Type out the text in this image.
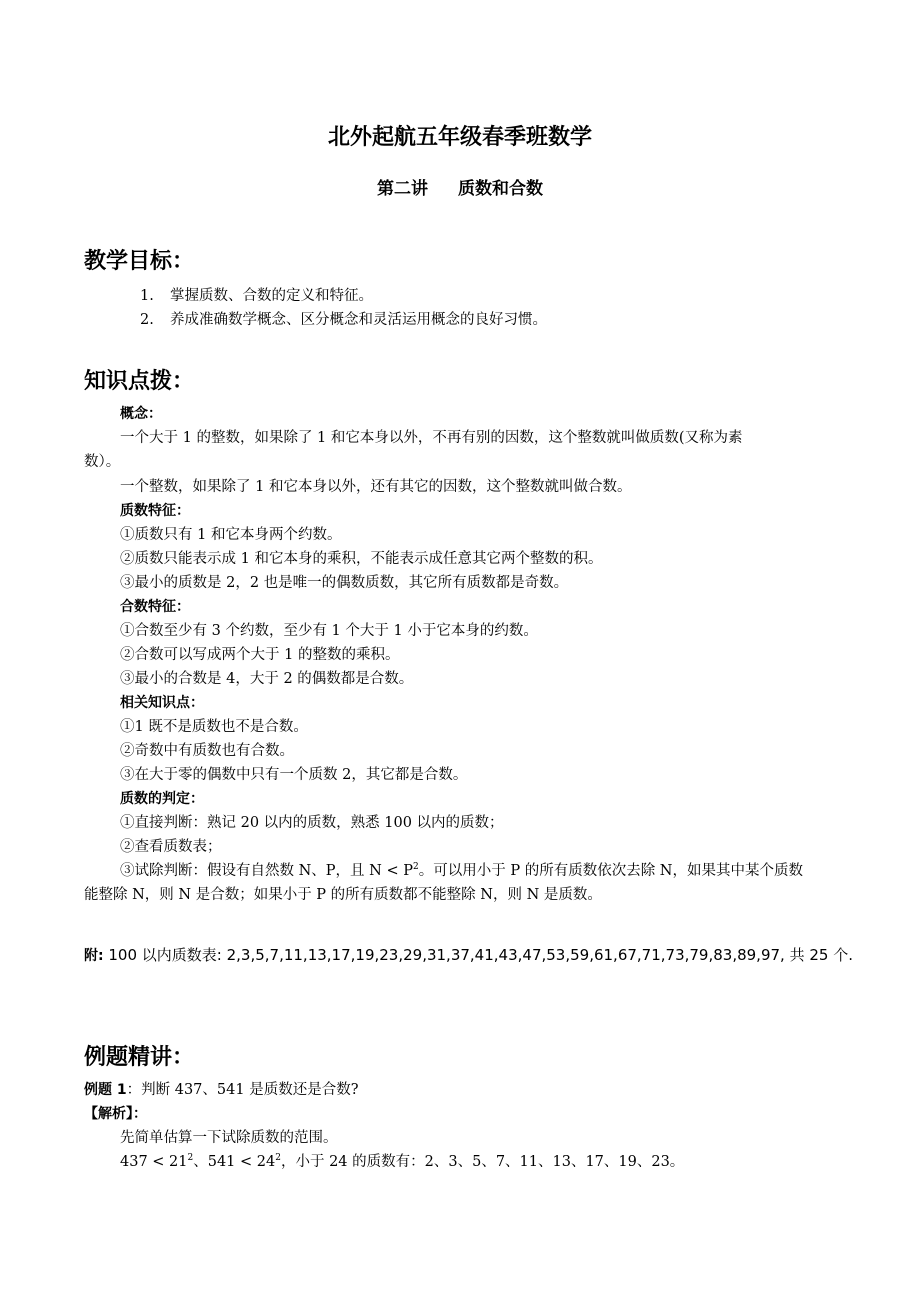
北外起航五年级春季班数学
第二讲 质数和合数
教学目标：
1. 掌握质数、合数的定义和特征。
2. 养成准确数学概念、区分概念和灵活运用概念的良好习惯。
知识点拨：
概念：
一个大于 1 的整数，如果除了 1 和它本身以外，不再有别的因数，这个整数就叫做质数(又称为素
数）。
一个整数，如果除了 1 和它本身以外，还有其它的因数，这个整数就叫做合数。
质数特征：
①质数只有 1 和它本身两个约数。
②质数只能表示成 1 和它本身的乘积，不能表示成任意其它两个整数的积。
③最小的质数是 2，2 也是唯一的偶数质数，其它所有质数都是奇数。
合数特征：
①合数至少有 3 个约数，至少有 1 个大于 1 小于它本身的约数。
②合数可以写成两个大于 1 的整数的乘积。
③最小的合数是 4，大于 2 的偶数都是合数。
相关知识点：
①1 既不是质数也不是合数。
②奇数中有质数也有合数。
③在大于零的偶数中只有一个质数 2，其它都是合数。
质数的判定：
①直接判断：熟记 20 以内的质数，熟悉 100 以内的质数；
②查看质数表；
③试除判断：假设有自然数 N、P，且 $N < P^2$。可以用小于 P 的所有质数依次去除 N，如果其中某个质数
能整除 N，则 N 是合数；如果小于 P 的所有质数都不能整除 N，则 N 是质数。
附: 100 以内质数表: 2,3,5,7,11,13,17,19,23,29,31,37,41,43,47,53,59,61,67,71,73,79,83,89,97, 共 25 个.
例题精讲：
例题 1：判断 437、541 是质数还是合数?
【解析】：
先简单估算一下试除质数的范围。
$437 < 21^2$、$541 < 24^2$，小于 24 的质数有：2、3、5、7、11、13、17、19、23。
